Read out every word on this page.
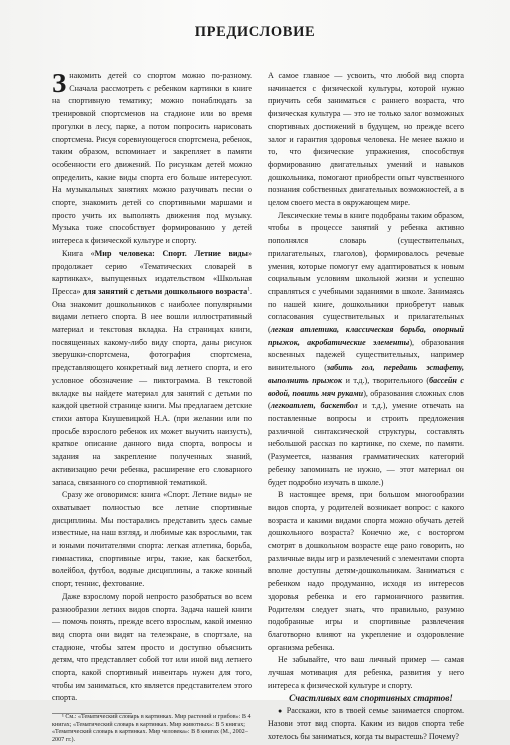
ПРЕДИСЛОВИЕ

Знакомить детей со спортом можно по-разному. Сначала рассмотреть с ребенком картинки в книге на спортивную тематику; можно понаблюдать за тренировкой спортсменов на стадионе или во время прогулки в лесу, парке, а потом попросить нарисовать спортсмена. Рисуя соревнующегося спортсмена, ребенок, таким образом, вспоминает и закрепляет в памяти особенности его движений. По рисункам детей можно определить, какие виды спорта его больше интересуют. На музыкальных занятиях можно разучивать песни о спорте, знакомить детей со спортивными маршами и просто учить их выполнять движения под музыку. Музыка тоже способствует формированию у детей интереса к физической культуре и спорту.

Книга «Мир человека: Спорт. Летние виды» продолжает серию «Тематических словарей в картинках», выпущенных издательством «Школьная Пресса» для занятий с детьми дошкольного возраста$^1$. Она знакомит дошкольников с наиболее популярными видами летнего спорта. В нее вошли иллюстративный материал и текстовая вкладка. На страницах книги, посвященных какому-либо виду спорта, даны рисунок зверушки-спортсмена, фотография спортсмена, представляющего конкретный вид летнего спорта, и его условное обозначение — пиктограмма. В текстовой вкладке вы найдете материал для занятий с детьми по каждой цветной странице книги. Мы предлагаем детские стихи автора Кнушевицкой Н.А. (при желании или по просьбе взрослого ребенок их может выучить наизусть), краткое описание данного вида спорта, вопросы и задания на закрепление полученных знаний, активизацию речи ребенка, расширение его словарного запаса, связанного со спортивной тематикой.

Сразу же оговоримся: книга «Спорт. Летние виды» не охватывает полностью все летние спортивные дисциплины. Мы постарались представить здесь самые известные, на наш взгляд, и любимые как взрослыми, так и юными почитателями спорта: легкая атлетика, борьба, гимнастика, спортивные игры, такие, как баскетбол, волейбол, футбол, водные дисциплины, а также конный спорт, теннис, фехтование.

Даже взрослому порой непросто разобраться во всем разнообразии летних видов спорта. Задача нашей книги — помочь понять, прежде всего взрослым, какой именно вид спорта они видят на телеэкране, в спортзале, на стадионе, чтобы затем просто и доступно объяснить детям, что представляет собой тот или иной вид летнего спорта, какой спортивный инвентарь нужен для того, чтобы им заниматься, кто является представителем этого спорта.

¹ См.: «Тематический словарь в картинках. Мир растений и грибов»: В 4 книгах; «Тематический словарь в картинках. Мир животных»: В 5 книгах; «Тематический словарь в картинках. Мир человека»: В 8 книгах (М., 2002–2007 гг.).

А самое главное — усвоить, что любой вид спорта начинается с физической культуры, которой нужно приучить себя заниматься с раннего возраста, что физическая культура — это не только залог возможных спортивных достижений в будущем, но прежде всего залог и гарантия здоровья человека. Не менее важно и то, что физические упражнения, способствуя формированию двигательных умений и навыков дошкольника, помогают приобрести опыт чувственного познания собственных двигательных возможностей, а в целом своего места в окружающем мире.

Лексические темы в книге подобраны таким образом, чтобы в процессе занятий у ребенка активно пополнялся словарь (существительных, прилагательных, глаголов), формировалось речевые умения, которые помогут ему адаптироваться к новым социальным условиям школьной жизни и успешно справляться с учебными заданиями в школе. Занимаясь по нашей книге, дошкольники приобретут навык согласования существительных и прилагательных (легкая атлетика, классическая борьба, опорный прыжок, акробатические элементы), образования косвенных падежей существительных, например винительного (забить гол, передать эстафету, выполнить прыжок и т.д.), творительного (бассейн с водой, повить мяч руками), образования сложных слов (легкоатлет, баскетбол и т.д.), умение отвечать на поставленные вопросы и строить предложения различной синтаксической структуры, составлять небольшой рассказ по картинке, по схеме, по памяти. (Разумеется, названия грамматических категорий ребенку запоминать не нужно, — этот материал он будет подробно изучать в школе.)

В настоящее время, при большом многообразии видов спорта, у родителей возникает вопрос: с какого возраста и какими видами спорта можно обучать детей дошкольного возраста? Конечно же, с восторгом смотрят в дошкольном возрасте еще рано говорить, но различные виды игр и развлечений с элементами спорта вполне доступны детям-дошкольникам. Заниматься с ребенком надо продуманно, исходя из интересов здоровья ребенка и его гармоничного развития. Родителям следует знать, что правильно, разумно подобранные игры и спортивные развлечения благотворно влияют на укрепление и оздоровление организма ребенка.

Не забывайте, что ваш личный пример — самая лучшая мотивация для ребенка, развития у него интереса к физической культуре и спорту.

Счастливых вам спортивных стартов!

● Расскажи, кто в твоей семье занимается спортом. Назови этот вид спорта. Каким из видов спорта тебе хотелось бы заниматься, когда ты вырастешь? Почему?
